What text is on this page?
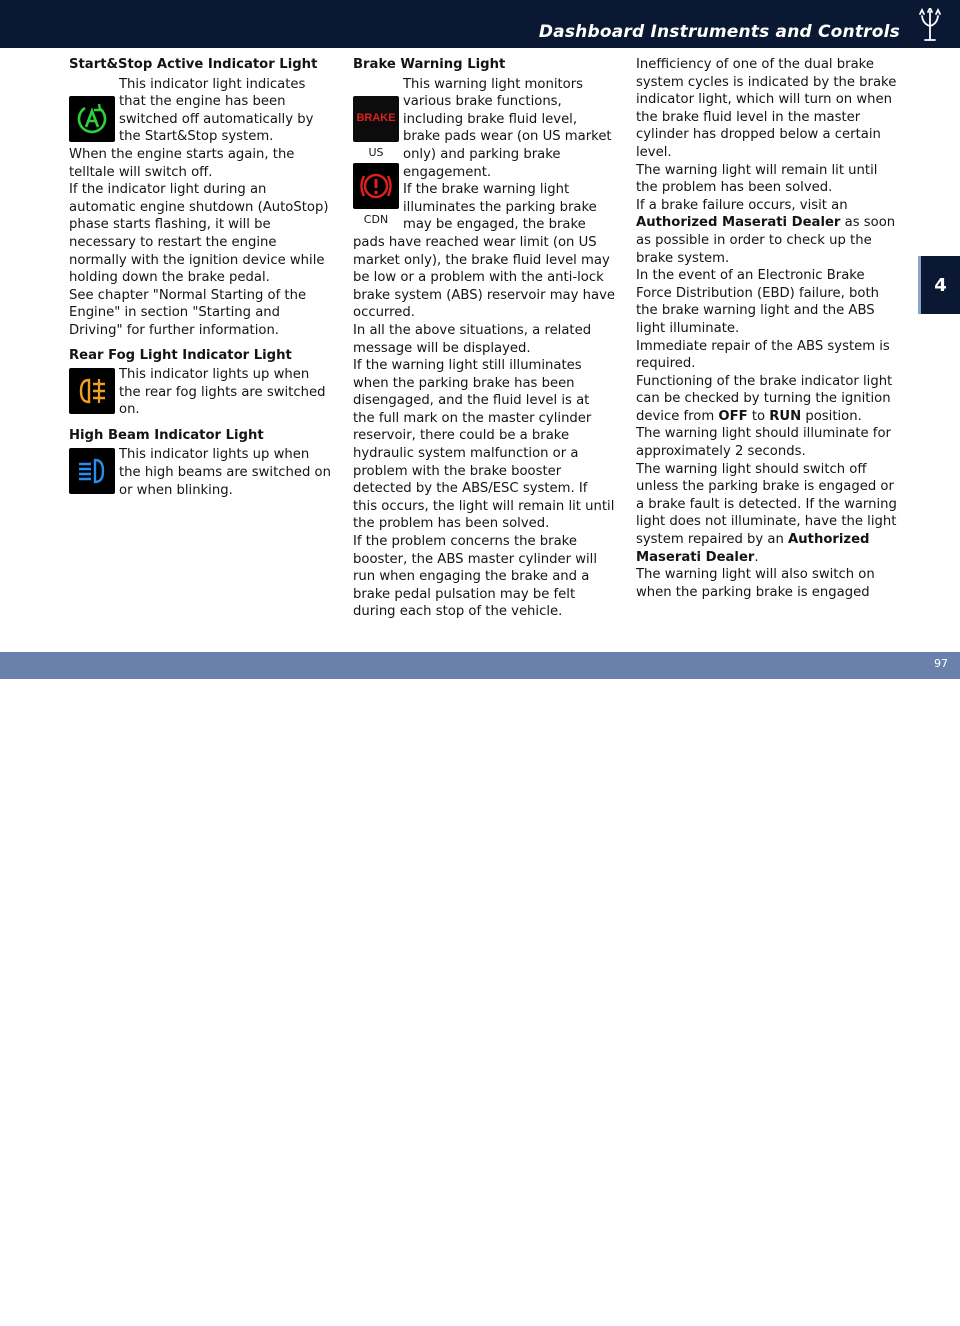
Dashboard Instruments and Controls
4

Start&Stop Active Indicator Light

This indicator light indicates that the engine has been switched off automatically by the Start&Stop system.

When the engine starts again, the telltale will switch off.

If the indicator light during an automatic engine shutdown (AutoStop) phase starts flashing, it will be necessary to restart the engine normally with the ignition device while holding down the brake pedal.

See chapter "Normal Starting of the Engine" in section "Starting and Driving" for further information.

Rear Fog Light Indicator Light

This indicator lights up when the rear fog lights are switched on.

High Beam Indicator Light

This indicator lights up when the high beams are switched on or when blinking.

Brake Warning Light

BRAKE
US
CDN

This warning light monitors various brake functions, including brake fluid level, brake pads wear (on US market only) and parking brake engagement.

If the brake warning light illuminates the parking brake may be engaged, the brake pads have reached wear limit (on US market only), the brake fluid level may be low or a problem with the anti-lock brake system (ABS) reservoir may have occurred.

In all the above situations, a related message will be displayed.

If the warning light still illuminates when the parking brake has been disengaged, and the fluid level is at the full mark on the master cylinder reservoir, there could be a brake hydraulic system malfunction or a problem with the brake booster detected by the ABS/ESC system. If this occurs, the light will remain lit until the problem has been solved.

If the problem concerns the brake booster, the ABS master cylinder will run when engaging the brake and a brake pedal pulsation may be felt during each stop of the vehicle.

Inefficiency of one of the dual brake system cycles is indicated by the brake indicator light, which will turn on when the brake fluid level in the master cylinder has dropped below a certain level.

The warning light will remain lit until the problem has been solved.

If a brake failure occurs, visit an Authorized Maserati Dealer as soon as possible in order to check up the brake system.

In the event of an Electronic Brake Force Distribution (EBD) failure, both the brake warning light and the ABS light illuminate.

Immediate repair of the ABS system is required.

Functioning of the brake indicator light can be checked by turning the ignition device from OFF to RUN position.

The warning light should illuminate for approximately 2 seconds.

The warning light should switch off unless the parking brake is engaged or a brake fault is detected. If the warning light does not illuminate, have the light system repaired by an Authorized Maserati Dealer.

The warning light will also switch on when the parking brake is engaged

carmanualsonline.info
97
